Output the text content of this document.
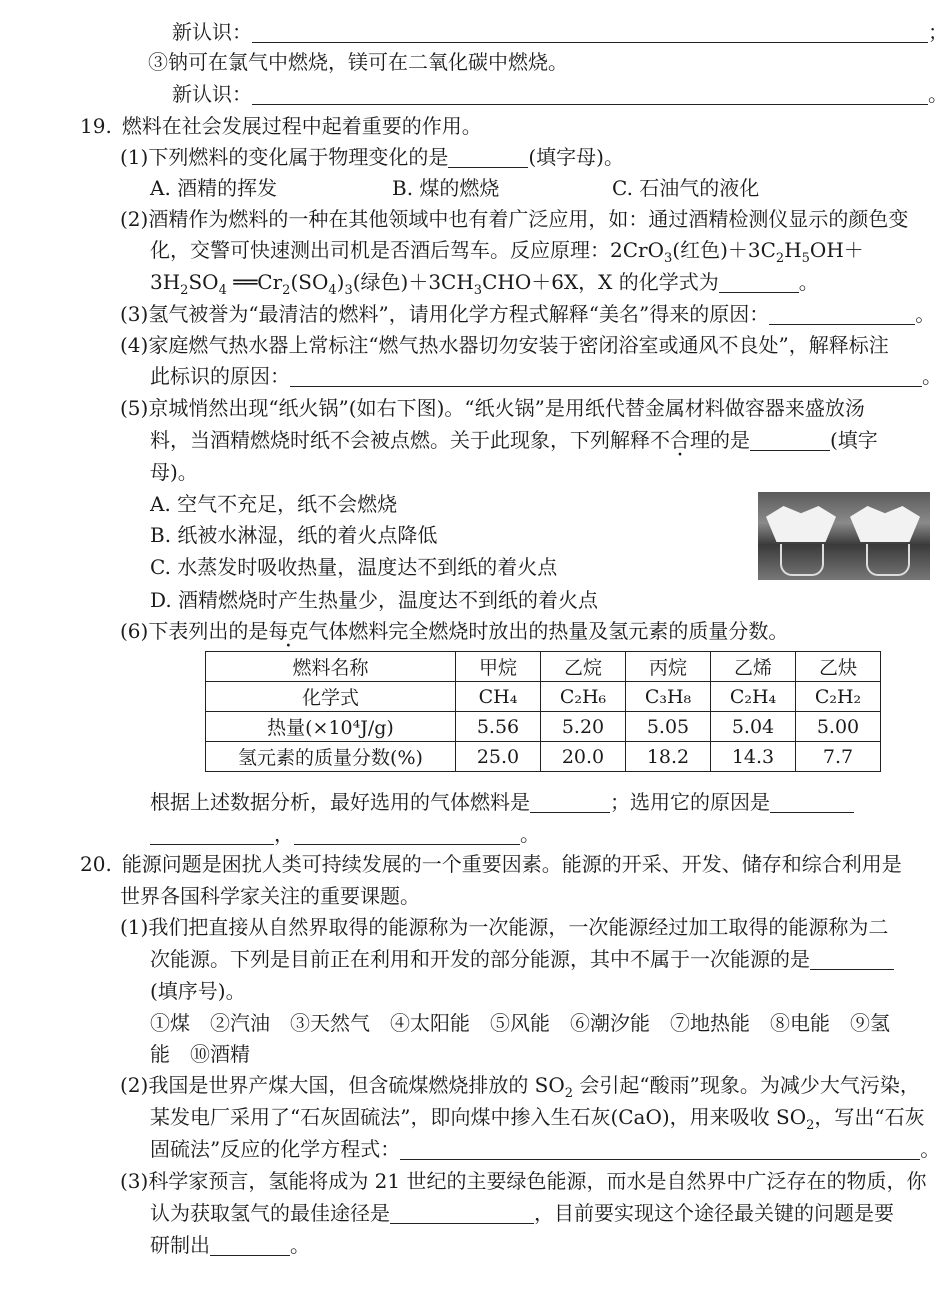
新认识：	；
③钠可在氯气中燃烧，镁可在二氧化碳中燃烧。
新认识：	。
19. 燃料在社会发展过程中起着重要的作用。
(1)下列燃料的变化属于物理变化的是	(填字母)。
A. 酒精的挥发	B. 煤的燃烧	C. 石油气的液化
(2)酒精作为燃料的一种在其他领域中也有着广泛应用，如：通过酒精检测仪显示的颜色变
化，交警可快速测出司机是否酒后驾车。反应原理：2CrO$_3$(红色)$+3C_2H_5OH+$
$3H_2SO_4$ $══Cr_2(SO_4)_3$(绿色)$+3CH_3CHO+6X$，X 的化学式为	。
(3)氢气被誉为“最清洁的燃料”，请用化学方程式解释“美名”得来的原因：	。
(4)家庭燃气热水器上常标注“燃气热水器切勿安装于密闭浴室或通风不良处”，解释标注
此标识的原因：	。
(5)京城悄然出现“纸火锅”(如右下图)。“纸火锅”是用纸代替金属材料做容器来盛放汤
料，当酒精燃烧时纸不会被点燃。关于此现象，下列解释不合理的是	(填字
母)。
A. 空气不充足，纸不会燃烧
B. 纸被水淋湿，纸的着火点降低
C. 水蒸发时吸收热量，温度达不到纸的着火点
D. 酒精燃烧时产生热量少，温度达不到纸的着火点
(6)下表列出的是每克气体燃料完全燃烧时放出的热量及氢元素的质量分数。
燃料名称	甲烷	乙烷	丙烷	乙烯	乙炔
化学式	CH₄	C₂H₆	C₃H₈	C₂H₄	C₂H₂
热量(×10⁴J/g)	5.56	5.20	5.05	5.04	5.00
氢元素的质量分数(%)	25.0	20.0	18.2	14.3	7.7
根据上述数据分析，最好选用的气体燃料是	；选用它的原因是
，	。
20. 能源问题是困扰人类可持续发展的一个重要因素。能源的开采、开发、储存和综合利用是
世界各国科学家关注的重要课题。
(1)我们把直接从自然界取得的能源称为一次能源，一次能源经过加工取得的能源称为二
次能源。下列是目前正在利用和开发的部分能源，其中不属于一次能源的是
(填序号)。
①煤　②汽油　③天然气　④太阳能　⑤风能　⑥潮汐能　⑦地热能　⑧电能　⑨氢
能　⑩酒精
(2)我国是世界产煤大国，但含硫煤燃烧排放的 $SO_2$ 会引起“酸雨”现象。为减少大气污染，
某发电厂采用了“石灰固硫法”，即向煤中掺入生石灰(CaO)，用来吸收 $SO_2$，写出“石灰
固硫法”反应的化学方程式：	。
(3)科学家预言，氢能将成为 21 世纪的主要绿色能源，而水是自然界中广泛存在的物质，你
认为获取氢气的最佳途径是	，目前要实现这个途径最关键的问题是要
研制出	。
